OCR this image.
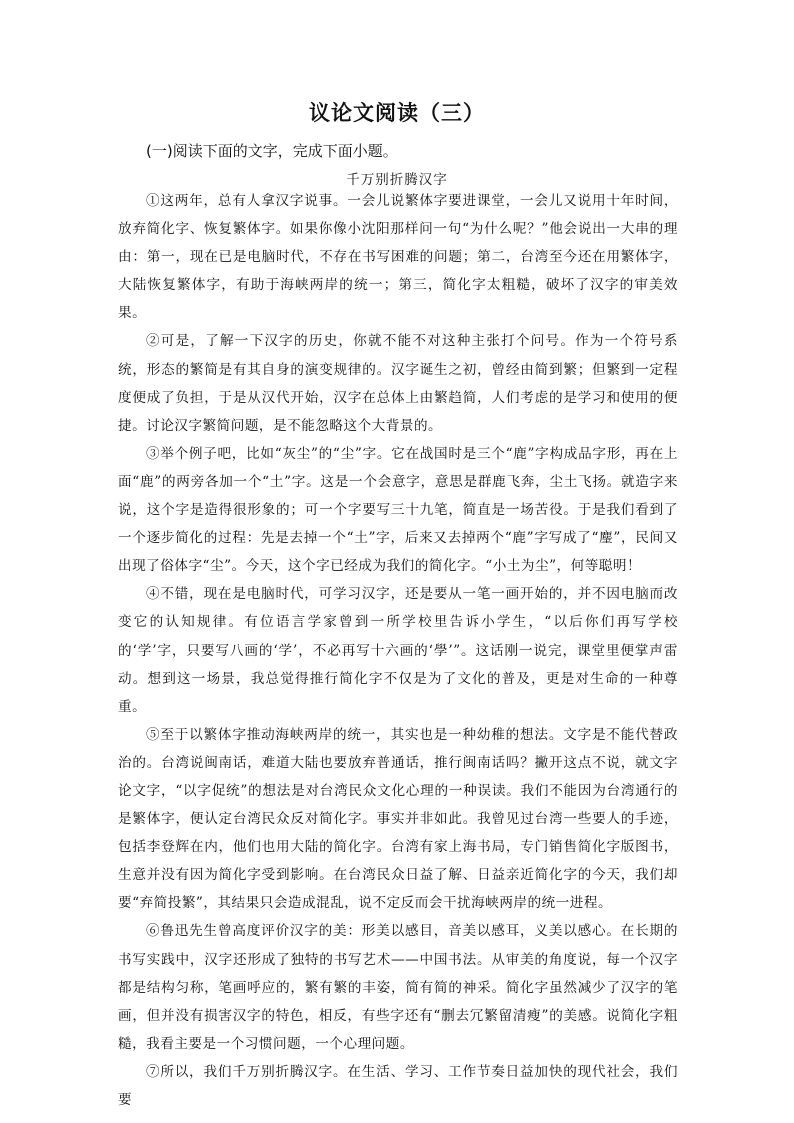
议论文阅读（三）

(一)阅读下面的文字，完成下面小题。

千万别折腾汉字

①这两年，总有人拿汉字说事。一会儿说繁体字要进课堂，一会儿又说用十年时间，放弃简化字、恢复繁体字。如果你像小沈阳那样问一句“为什么呢？”他会说出一大串的理由：第一，现在已是电脑时代，不存在书写困难的问题；第二，台湾至今还在用繁体字，大陆恢复繁体字，有助于海峡两岸的统一；第三，简化字太粗糙，破坏了汉字的审美效果。

②可是，了解一下汉字的历史，你就不能不对这种主张打个问号。作为一个符号系统，形态的繁简是有其自身的演变规律的。汉字诞生之初，曾经由简到繁；但繁到一定程度便成了负担，于是从汉代开始，汉字在总体上由繁趋简，人们考虑的是学习和使用的便捷。讨论汉字繁简问题，是不能忽略这个大背景的。

③举个例子吧，比如“灰尘”的“尘”字。它在战国时是三个“鹿”字构成品字形，再在上面“鹿”的两旁各加一个“土”字。这是一个会意字，意思是群鹿飞奔，尘土飞扬。就造字来说，这个字是造得很形象的；可一个字要写三十九笔，简直是一场苦役。于是我们看到了一个逐步简化的过程：先是去掉一个“土”字，后来又去掉两个“鹿”字写成了“麈”，民间又出现了俗体字“尘”。今天，这个字已经成为我们的简化字。“小土为尘”，何等聪明！

④不错，现在是电脑时代，可学习汉字，还是要从一笔一画开始的，并不因电脑而改变它的认知规律。有位语言学家曾到一所学校里告诉小学生，“以后你们再写学校的‘学’字，只要写八画的‘学’，不必再写十六画的‘學’”。这话刚一说完，课堂里便掌声雷动。想到这一场景，我总觉得推行简化字不仅是为了文化的普及，更是对生命的一种尊重。

⑤至于以繁体字推动海峡两岸的统一，其实也是一种幼稚的想法。文字是不能代替政治的。台湾说闽南话，难道大陆也要放弃普通话，推行闽南话吗？撇开这点不说，就文字论文字，“以字促统”的想法是对台湾民众文化心理的一种误读。我们不能因为台湾通行的是繁体字，便认定台湾民众反对简化字。事实并非如此。我曾见过台湾一些要人的手迹，包括李登辉在内，他们也用大陆的简化字。台湾有家上海书局，专门销售简化字版图书，生意并没有因为简化字受到影响。在台湾民众日益了解、日益亲近简化字的今天，我们却要“弃简投繁”，其结果只会造成混乱，说不定反而会干扰海峡两岸的统一进程。

⑥鲁迅先生曾高度评价汉字的美：形美以感目，音美以感耳，义美以感心。在长期的书写实践中，汉字还形成了独特的书写艺术——中国书法。从审美的角度说，每一个汉字都是结构匀称，笔画呼应的，繁有繁的丰姿，简有简的神采。简化字虽然减少了汉字的笔画，但并没有损害汉字的特色，相反，有些字还有“删去冗繁留清瘦”的美感。说简化字粗糙，我看主要是一个习惯问题，一个心理问题。

⑦所以，我们千万别折腾汉字。在生活、学习、工作节奏日益加快的现代社会，我们要
